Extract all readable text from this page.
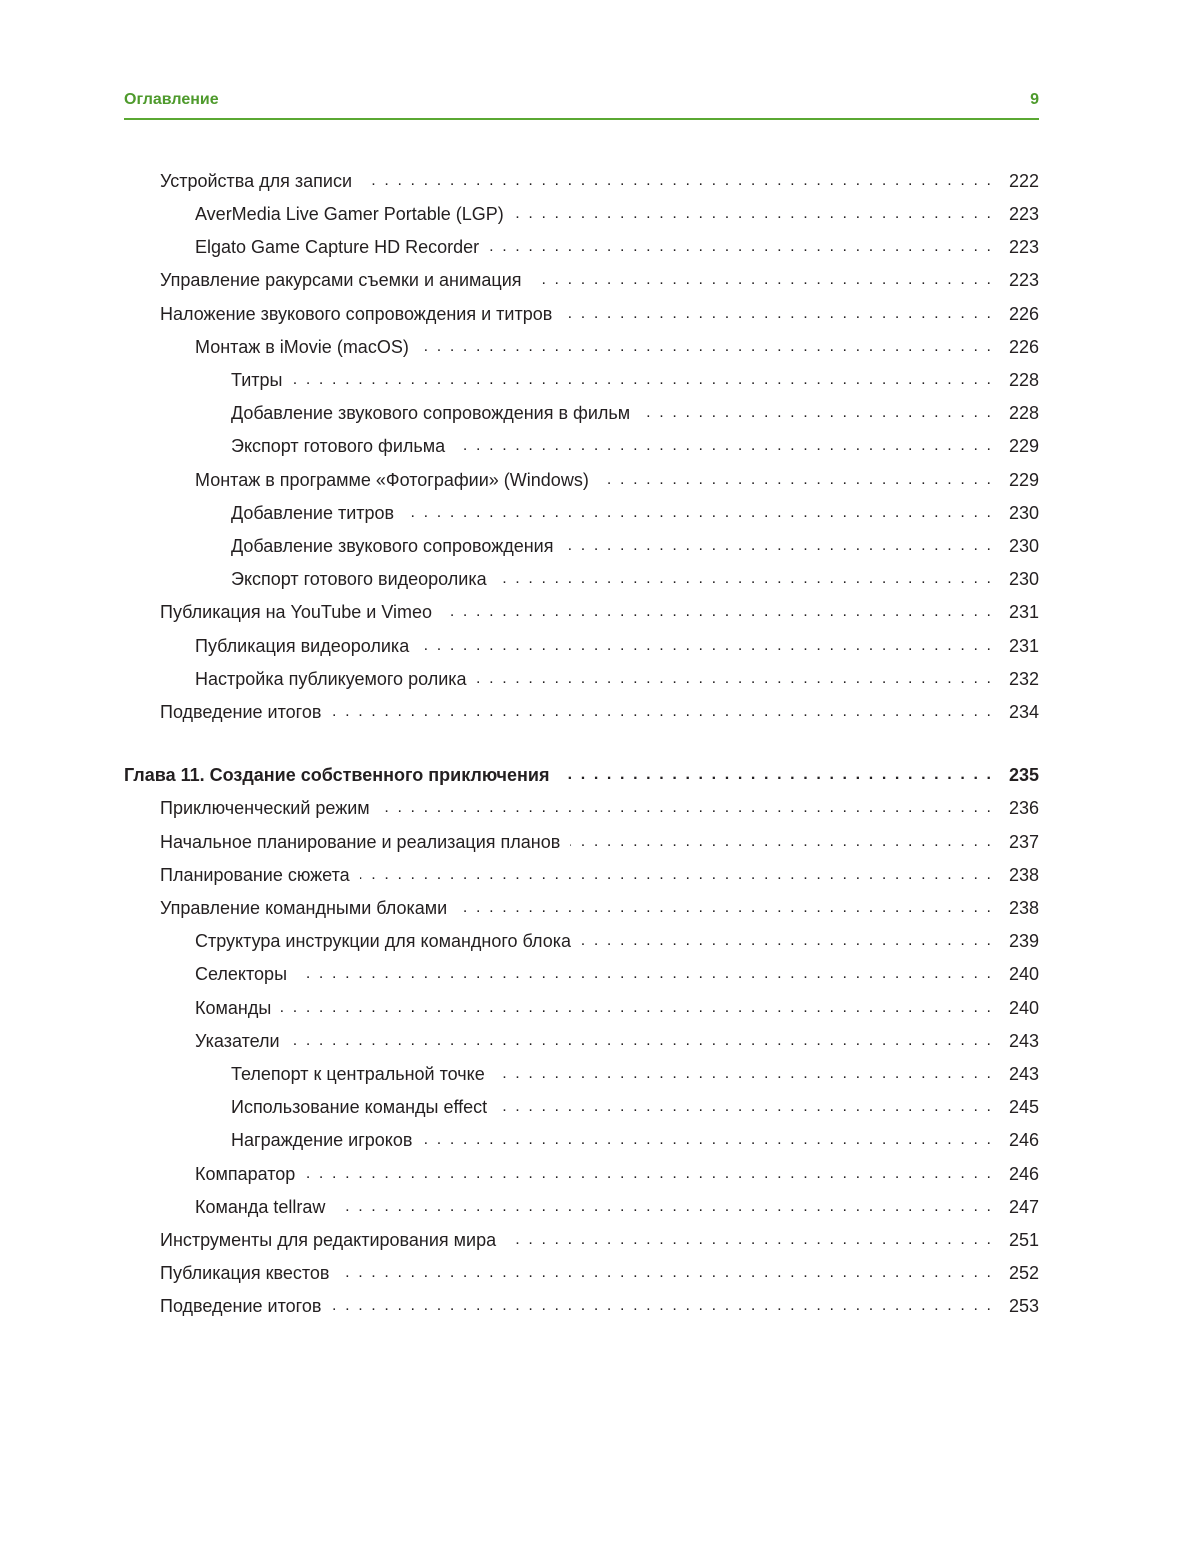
Оглавление	9
Устройства для записи . . .	222
AverMedia Live Gamer Portable (LGP) . . .	223
Elgato Game Capture HD Recorder . . .	223
Управление ракурсами съемки и анимация . . .	223
Наложение звукового сопровождения и титров . . .	226
Монтаж в iMovie (macOS) . . .	226
Титры . . .	228
Добавление звукового сопровождения в фильм . . .	228
Экспорт готового фильма . . .	229
Монтаж в программе «Фотографии» (Windows) . . .	229
Добавление титров . . .	230
Добавление звукового сопровождения . . .	230
Экспорт готового видеоролика . . .	230
Публикация на YouTube и Vimeo . . .	231
Публикация видеоролика . . .	231
Настройка публикуемого ролика . . .	232
Подведение итогов . . .	234
Глава 11. Создание собственного приключения . . .	235
Приключенческий режим . . .	236
Начальное планирование и реализация планов . . .	237
Планирование сюжета . . .	238
Управление командными блоками . . .	238
Структура инструкции для командного блока . . .	239
Селекторы . . .	240
Команды . . .	240
Указатели . . .	243
Телепорт к центральной точке . . .	243
Использование команды effect . . .	245
Награждение игроков . . .	246
Компаратор . . .	246
Команда tellraw . . .	247
Инструменты для редактирования мира . . .	251
Публикация квестов . . .	252
Подведение итогов . . .	253
